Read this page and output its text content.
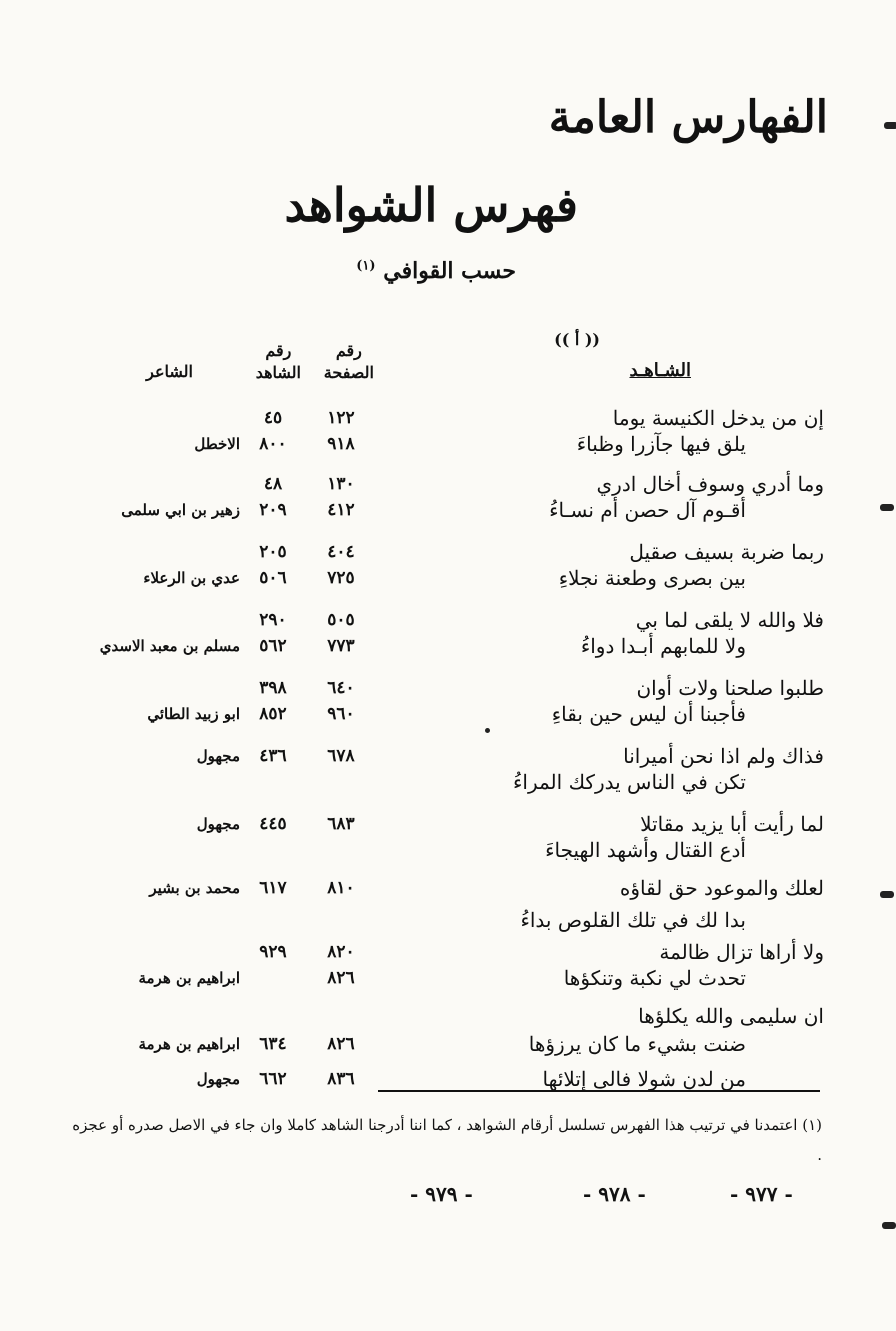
الفهارس العامة
فهرس الشواهد
حسب القوافي $^{(١)}$
(( أ ))
الشـاهـد
رقم
الصفحة
رقم
الشاهد
الشاعر
إن من يدخل الكنيسة يوما
١٢٢
٤٥
يلق فيها جآزرا وظباءَ
٩١٨
٨٠٠
الاخطل
وما أدري وسوف أخال ادري
١٣٠
٤٨
أقـوم آل حصن أم نسـاءُ
٤١٢
٢٠٩
زهير بن ابي سلمى
ربما ضربة بسيف صقيل
٤٠٤
٢٠٥
بين بصرى وطعنة نجلاءِ
٧٢٥
٥٠٦
عدي بن الرعلاء
فلا والله لا يلقى لما بي
٥٠٥
٢٩٠
ولا للمابهم أبـدا دواءُ
٧٧٣
٥٦٢
مسلم بن معبد الاسدي
طلبوا صلحنا ولات أوان
٦٤٠
٣٩٨
فأجبنا أن ليس حين بقاءِ
٩٦٠
٨٥٢
ابو زبيد الطائي
فذاك ولم اذا نحن أميرانا
٦٧٨
٤٣٦
مجهول
تكن في الناس يدركك المراءُ
لما رأيت أبا يزيد مقاتلا
٦٨٣
٤٤٥
مجهول
أدع القتال وأشهد الهيجاءَ
لعلك والموعود حق لقاؤه
٨١٠
٦١٧
محمد بن بشير
بدا لك في تلك القلوص بداءُ
ولا أراها تزال ظالمة
٨٢٠
٩٢٩
تحدث لي نكبة وتنكؤها
٨٢٦
ابراهيم بن هرمة
ان سليمى والله يكلؤها
ضنت بشيء ما كان يرزؤها
٨٢٦
٦٣٤
ابراهيم بن هرمة
من لدن شولا فالى إتلائها
٨٣٦
٦٦٢
مجهول
(١) اعتمدنا في ترتيب هذا الفهرس تسلسل أرقام الشواهد ، كما اننا أدرجنا الشاهد كاملا وان جاء في الاصل صدره أو عجزه .
- ٩٧٩ -	- ٩٧٨ -	- ٩٧٧ -
